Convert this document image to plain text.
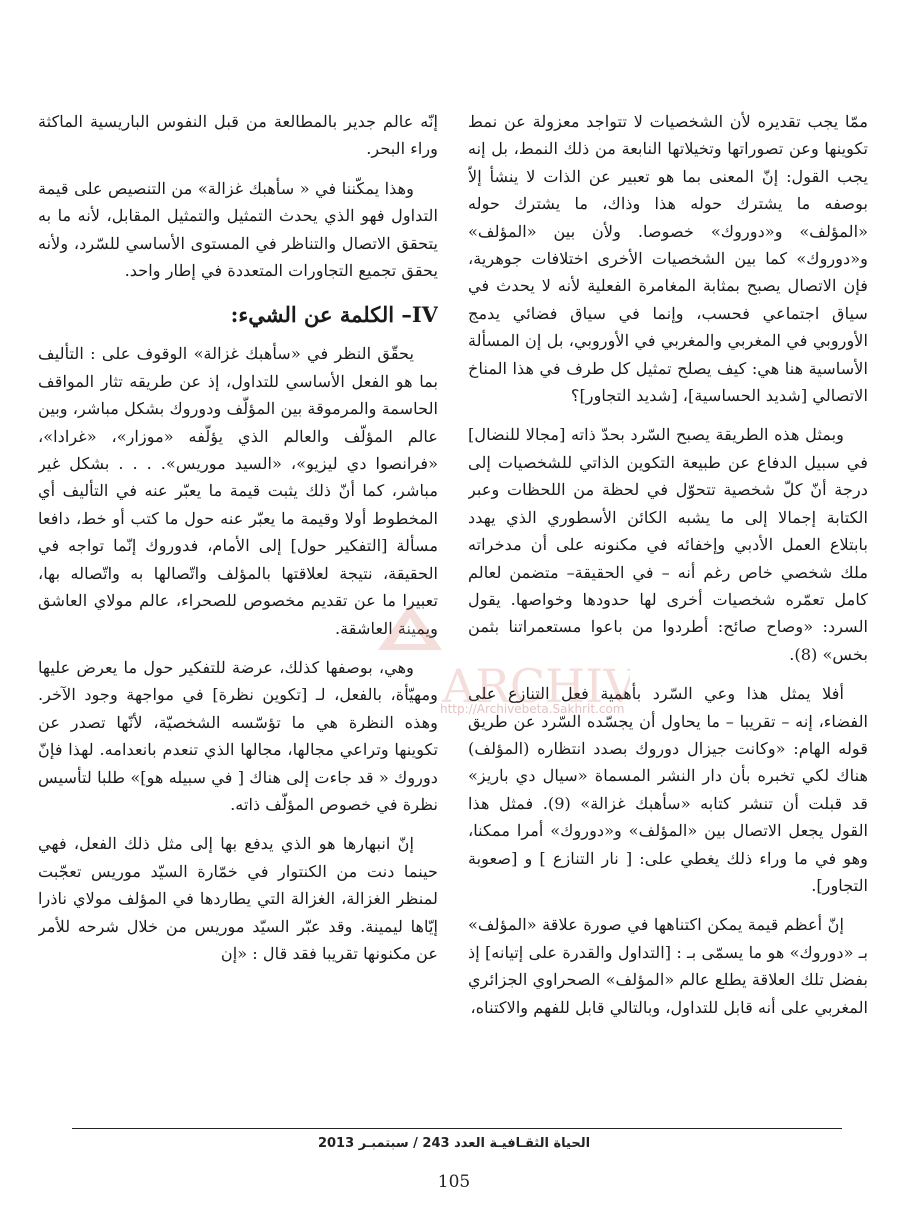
ممّا يجب تقديره لأن الشخصيات لا تتواجد معزولة عن نمط تكوينها وعن تصوراتها وتخيلاتها النابعة من ذلك النمط، بل إنه يجب القول: إنّ المعنى بما هو تعبير عن الذات لا ينشأ إلاّ بوصفه ما يشترك حوله هذا وذاك، ما يشترك حوله «المؤلف» و«دوروك» خصوصا. ولأن بين «المؤلف» و«دوروك» كما بين الشخصيات الأخرى اختلافات جوهرية، فإن الاتصال يصبح بمثابة المغامرة الفعلية لأنه لا يحدث في سياق اجتماعي فحسب، وإنما في سياق فضائي يدمج الأوروبي في المغربي والمغربي في الأوروبي، بل إن المسألة الأساسية هنا هي: كيف يصلح تمثيل كل طرف في هذا المناخ الاتصالي [شديد الحساسية]، [شديد التجاور]؟

وبمثل هذه الطريقة يصبح السّرد بحدّ ذاته [مجالا للنضال] في سبيل الدفاع عن طبيعة التكوين الذاتي للشخصيات إلى درجة أنّ كلّ شخصية تتحوّل في لحظة من اللحظات وعبر الكتابة إجمالا إلى ما يشبه الكائن الأسطوري الذي يهدد بابتلاع العمل الأدبي وإخفائه في مكنونه على أن مدخراته ملك شخصي خاص رغم أنه – في الحقيقة– متضمن لعالم كامل تعمّره شخصيات أخرى لها حدودها وخواصها. يقول السرد: «وصاح صائح: أطردوا من باعوا مستعمراتنا بثمن بخس» (8).

أفلا يمثل هذا وعي السّرد بأهمية فعل التنازع على الفضاء، إنه – تقريبا – ما يحاول أن يجسّده السّرد عن طريق قوله الهام: «وكانت جيزال دوروك بصدد انتظاره (المؤلف) هناك لكي تخبره بأن دار النشر المسماة «سيال دي باريز» قد قبلت أن تنشر كتابه «سأهبك غزالة» (9). فمثل هذا القول يجعل الاتصال بين «المؤلف» و«دوروك» أمرا ممكنا، وهو في ما وراء ذلك يغطي على: [ نار التنازع ] و [صعوبة التجاور].

إنّ أعظم قيمة يمكن اكتناهها في صورة علاقة «المؤلف» بـ «دوروك» هو ما يسمّى بـ : [التداول والقدرة على إتيانه] إذ بفضل تلك العلاقة يطلع عالم «المؤلف» الصحراوي الجزائري المغربي على أنه قابل للتداول، وبالتالي قابل للفهم والاكتناه،

إنّه عالم جدير بالمطالعة من قبل النفوس الباريسية الماكثة وراء البحر.

وهذا يمكّننا في « سأهبك غزالة» من التنصيص على قيمة التداول فهو الذي يحدث التمثيل والتمثيل المقابل، لأنه ما به يتحقق الاتصال والتناظر في المستوى الأساسي للسّرد، ولأنه يحقق تجميع التجاورات المتعددة في إطار واحد.

IV– الكلمة عن الشيء:

يحقّق النظر في «سأهبك غزالة» الوقوف على : التأليف بما هو الفعل الأساسي للتداول، إذ عن طريقه تثار المواقف الحاسمة والمرموقة بين المؤلّف ودوروك بشكل مباشر، وبين عالم المؤلّف والعالم الذي يؤلّفه «موزار»، «غرادا»، «فرانصوا دي ليزيو»، «السيد موريس». . . . بشكل غير مباشر، كما أنّ ذلك يثبت قيمة ما يعبّر عنه في التأليف أي المخطوط أولا وقيمة ما يعبّر عنه حول ما كتب أو خط، دافعا مسألة [التفكير حول] إلى الأمام، فدوروك إنّما تواجه في الحقيقة، نتيجة لعلاقتها بالمؤلف واتّصالها به واتّصاله بها، تعبيرا ما عن تقديم مخصوص للصحراء، عالم مولاي العاشق ويمينة العاشقة.

وهي، بوصفها كذلك، عرضة للتفكير حول ما يعرض عليها ومهيّأة، بالفعل، لـ [تكوين نظرة] في مواجهة وجود الآخر. وهذه النظرة هي ما تؤسّسه الشخصيّة، لأنّها تصدر عن تكوينها وتراعي مجالها، مجالها الذي تنعدم بانعدامه. لهذا فإنّ دوروك « قد جاءت إلى هناك [ في سبيله هو]» طلبا لتأسيس نظرة في خصوص المؤلّف ذاته.

إنّ انبهارها هو الذي يدفع بها إلى مثل ذلك الفعل، فهي حينما دنت من الكنتوار في خمّارة السيّد موريس تعجّبت لمنظر الغزالة، الغزالة التي يطاردها في المؤلف مولاي ناذرا إيّاها ليمينة. وقد عبّر السيّد موريس من خلال شرحه للأمر عن مكنونها تقريبا فقد قال : «إن

ARCHIV
http://Archivebeta.Sakhrit.com
الحياة الثقـافيـة العدد 243 / سبتمبـر 2013
105
